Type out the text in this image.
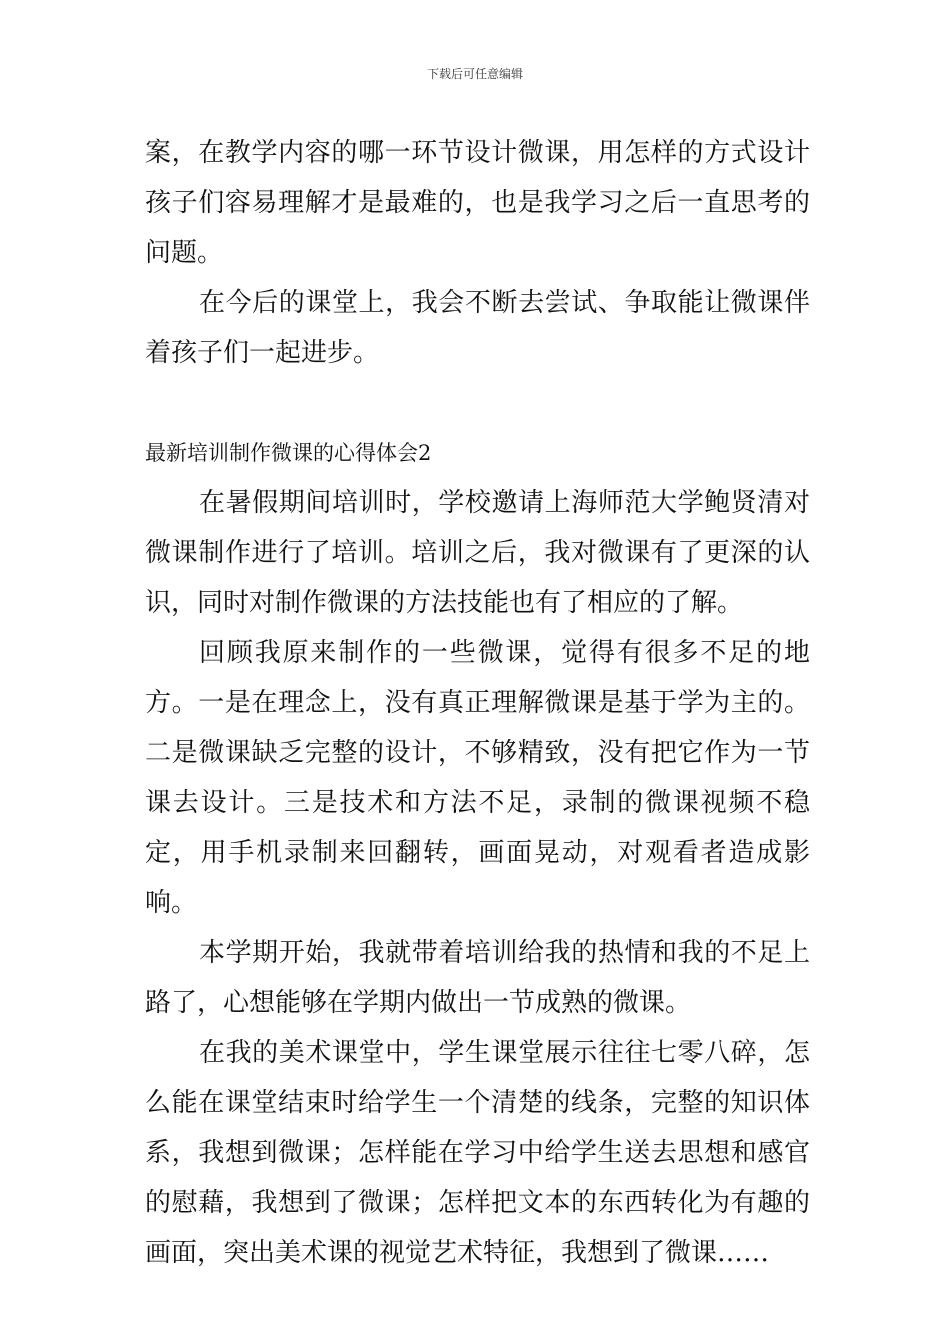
下载后可任意编辑

案，在教学内容的哪一环节设计微课，用怎样的方式设计孩子们容易理解才是最难的，也是我学习之后一直思考的问题。

在今后的课堂上，我会不断去尝试、争取能让微课伴着孩子们一起进步。

最新培训制作微课的心得体会2

在暑假期间培训时，学校邀请上海师范大学鲍贤清对微课制作进行了培训。培训之后，我对微课有了更深的认识，同时对制作微课的方法技能也有了相应的了解。

回顾我原来制作的一些微课，觉得有很多不足的地方。一是在理念上，没有真正理解微课是基于学为主的。二是微课缺乏完整的设计，不够精致，没有把它作为一节课去设计。三是技术和方法不足，录制的微课视频不稳定，用手机录制来回翻转，画面晃动，对观看者造成影响。

本学期开始，我就带着培训给我的热情和我的不足上路了，心想能够在学期内做出一节成熟的微课。

在我的美术课堂中，学生课堂展示往往七零八碎，怎么能在课堂结束时给学生一个清楚的线条，完整的知识体系，我想到微课；怎样能在学习中给学生送去思想和感官的慰藉，我想到了微课；怎样把文本的东西转化为有趣的画面，突出美术课的视觉艺术特征，我想到了微课……
